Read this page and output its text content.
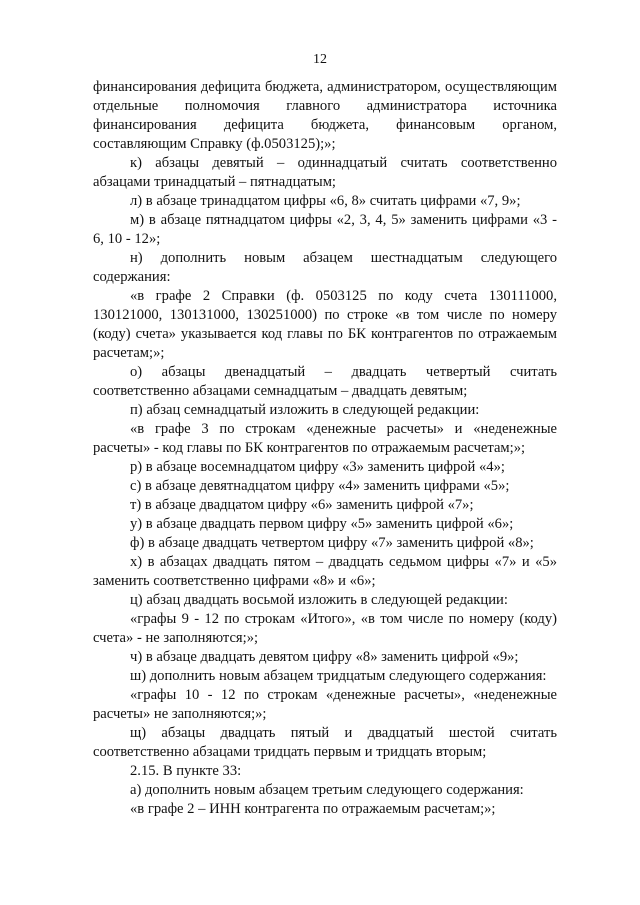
12

финансирования дефицита бюджета, администратором, осуществляющим отдельные полномочия главного администратора источника финансирования дефицита бюджета, финансовым органом, составляющим Справку (ф.0503125);»;

к) абзацы девятый – одиннадцатый считать соответственно абзацами тринадцатый – пятнадцатым;

л) в абзаце тринадцатом цифры «6, 8» считать цифрами «7, 9»;

м) в абзаце пятнадцатом цифры «2, 3, 4, 5» заменить цифрами «3 - 6, 10 - 12»;

н) дополнить новым абзацем шестнадцатым следующего содержания:

«в графе 2 Справки (ф. 0503125 по коду счета 130111000, 130121000, 130131000, 130251000) по строке «в том числе по номеру (коду) счета» указывается код главы по БК контрагентов по отражаемым расчетам;»;

о) абзацы двенадцатый – двадцать четвертый считать соответственно абзацами семнадцатым – двадцать девятым;

п) абзац семнадцатый изложить в следующей редакции:

«в графе 3 по строкам «денежные расчеты» и «неденежные расчеты» - код главы по БК контрагентов по отражаемым расчетам;»;

р) в абзаце восемнадцатом цифру «3» заменить цифрой «4»;

с) в абзаце девятнадцатом цифру «4» заменить цифрами «5»;

т) в абзаце двадцатом цифру «6» заменить цифрой «7»;

у) в абзаце двадцать первом цифру «5» заменить цифрой «6»;

ф) в абзаце двадцать четвертом цифру «7» заменить цифрой «8»;

х) в абзацах двадцать пятом – двадцать седьмом цифры «7» и «5» заменить соответственно цифрами «8» и «6»;

ц) абзац двадцать восьмой изложить в следующей редакции:

«графы 9 - 12 по строкам «Итого», «в том числе по номеру (коду) счета» - не заполняются;»;

ч) в абзаце двадцать девятом цифру «8» заменить цифрой «9»;

ш) дополнить новым абзацем тридцатым следующего содержания:

«графы 10 - 12 по строкам «денежные расчеты», «неденежные расчеты» не заполняются;»;

щ) абзацы двадцать пятый и двадцатый шестой считать соответственно абзацами тридцать первым и тридцать вторым;

2.15. В пункте 33:

а) дополнить новым абзацем третьим следующего содержания:

«в графе 2 – ИНН контрагента по отражаемым расчетам;»;
